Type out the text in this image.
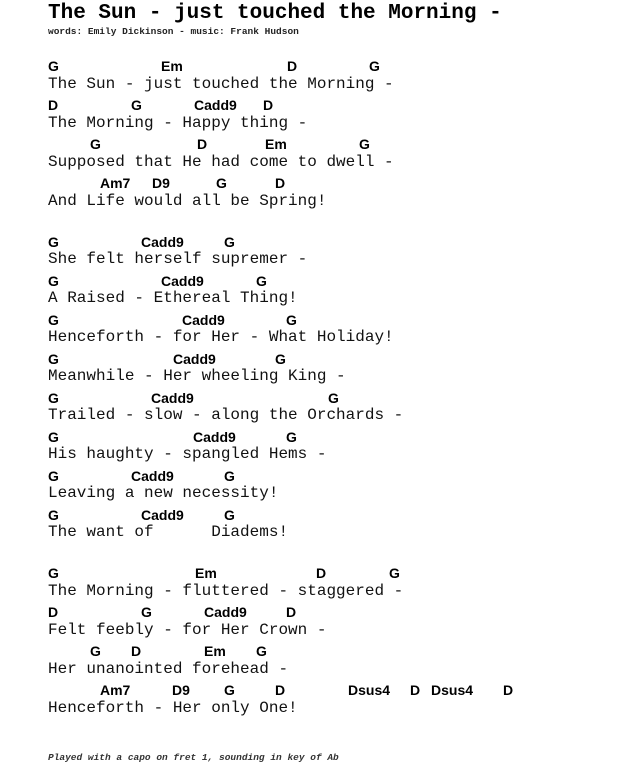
The Sun - just touched the Morning -
words: Emily Dickinson - music: Frank Hudson
G	Em	D	G
The Sun - just touched the Morning -
D	G	Cadd9 D
The Morning - Happy thing -
G	D	Em	G
Supposed that He had come to dwell -
Am7 D9	G	D
And Life would all be Spring!
G	Cadd9	G
She felt herself supremer -
G	Cadd9	G
A Raised - Ethereal Thing!
G	Cadd9	G
Henceforth - for Her - What Holiday!
G	Cadd9	G
Meanwhile - Her wheeling King -
G	Cadd9	G
Trailed - slow - along the Orchards -
G	Cadd9	G
His haughty - spangled Hems -
G	Cadd9	G
Leaving a new necessity!
G	Cadd9	G
The want of      Diadems!
G	Em	D	G
The Morning - fluttered - staggered -
D	G	Cadd9	D
Felt feebly - for Her Crown -
G D	Em G
Her unanointed forehead -
Am7	D9 G	D	Dsus4 D Dsus4 D
Henceforth - Her only One!
Played with a capo on fret 1, sounding in key of Ab
